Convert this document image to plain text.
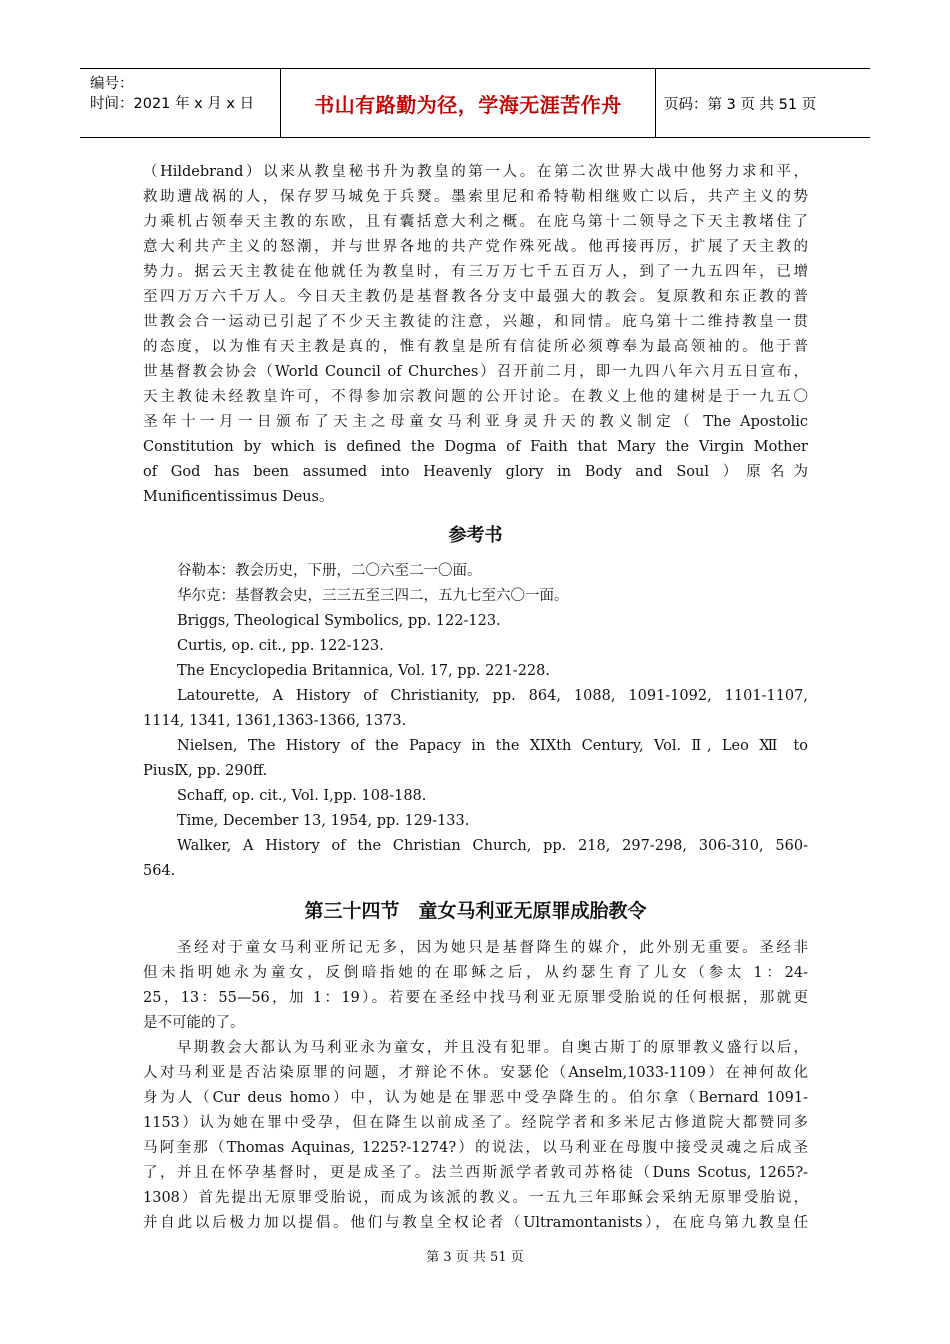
编号：
时间：2021 年 x 月 x 日	书山有路勤为径，学海无涯苦作舟	页码：第 3 页 共 51 页
（Hildebrand）以来从教皇秘书升为教皇的第一人。在第二次世界大战中他努力求和平，
救助遭战祸的人，保存罗马城免于兵燹。墨索里尼和希特勒相继败亡以后，共产主义的势
力乘机占领奉天主教的东欧，且有囊括意大利之概。在庇乌第十二领导之下天主教堵住了
意大利共产主义的怒潮，并与世界各地的共产党作殊死战。他再接再厉，扩展了天主教的
势力。据云天主教徒在他就任为教皇时，有三万万七千五百万人，到了一九五四年，已增
至四万万六千万人。今日天主教仍是基督教各分支中最强大的教会。复原教和东正教的普
世教会合一运动已引起了不少天主教徒的注意，兴趣，和同情。庇乌第十二维持教皇一贯
的态度，以为惟有天主教是真的，惟有教皇是所有信徒所必须尊奉为最高领袖的。他于普
世基督教会协会（World Council of Churches）召开前二月，即一九四八年六月五日宣布，
天主教徒未经教皇许可，不得参加宗教问题的公开讨论。在教义上他的建树是于一九五〇
圣年十一月一日颁布了天主之母童女马利亚身灵升天的教义制定（ The Apostolic
Constitution by which is defined the Dogma of Faith that Mary the Virgin Mother
of God has been assumed into Heavenly glory in Body and Soul ）原名为
Munificentissimus Deus。
参考书
谷勒本：教会历史，下册，二〇六至二一〇面。
华尔克：基督教会史，三三五至三四二，五九七至六〇一面。
Briggs, Theological Symbolics, pp. 122-123.
Curtis, op. cit., pp. 122-123.
The Encyclopedia Britannica, Vol. 17, pp. 221-228.
Latourette, A History of Christianity, pp. 864, 1088, 1091-1092, 1101-1107,
1114, 1341, 1361,1363-1366, 1373.
Nielsen, The History of the Papacy in the XIXth Century, Vol. Ⅱ, Leo Ⅻ to
PiusⅨ, pp. 290ff.
Schaff, op. cit., Vol. Ⅰ,pp. 108-188.
Time, December 13, 1954, pp. 129-133.
Walker, A History of the Christian Church, pp. 218, 297-298, 306-310, 560-
564.
第三十四节　童女马利亚无原罪成胎教令
圣经对于童女马利亚所记无多，因为她只是基督降生的媒介，此外别无重要。圣经非
但未指明她永为童女，反倒暗指她的在耶稣之后，从约瑟生育了儿女（参太 1：24-
25，13：55—56，加 1：19）。若要在圣经中找马利亚无原罪受胎说的任何根据，那就更
是不可能的了。
早期教会大都认为马利亚永为童女，并且没有犯罪。自奥古斯丁的原罪教义盛行以后，
人对马利亚是否沾染原罪的问题，才辩论不休。安瑟伦（Anselm,1033-1109）在神何故化
身为人（Cur deus homo）中，认为她是在罪恶中受孕降生的。伯尔拿（Bernard 1091-
1153）认为她在罪中受孕，但在降生以前成圣了。经院学者和多米尼古修道院大都赞同多
马阿奎那（Thomas Aquinas, 1225?-1274?）的说法，以马利亚在母腹中接受灵魂之后成圣
了，并且在怀孕基督时，更是成圣了。法兰西斯派学者敦司苏格徒（Duns Scotus, 1265?-
1308）首先提出无原罪受胎说，而成为该派的教义。一五九三年耶稣会采纳无原罪受胎说，
并自此以后极力加以提倡。他们与教皇全权论者（Ultramontanists），在庇乌第九教皇任
第 3 页 共 51 页
